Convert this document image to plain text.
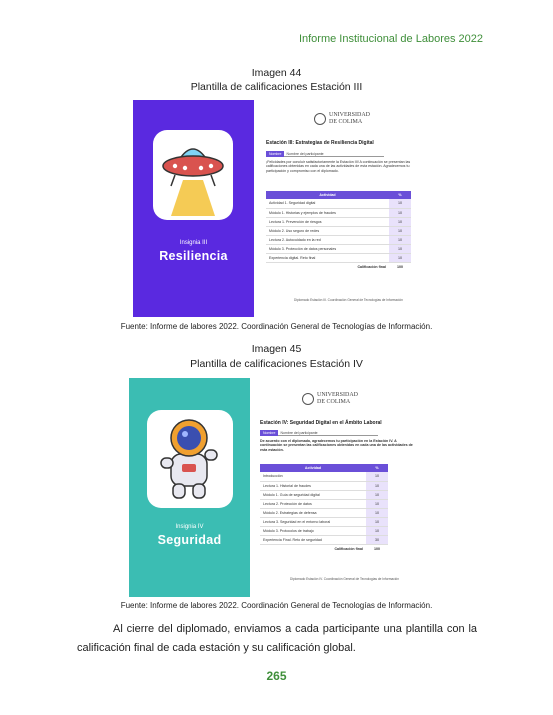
Informe Institucional de Labores 2022
Imagen 44
Plantilla de calificaciones Estación III
Insignia III
Resiliencia
UNIVERSIDAD
DE COLIMA
Estación III: Estrategias de Resiliencia Digital
Nombre	Nombre del participante
¡Felicidades por concluir satisfactoriamente la Estación III! A continuación se presentan las calificaciones obtenidas en cada una de las actividades de esta estación. Agradecemos tu participación y compromiso con el diplomado.
Actividad	%
Actividad 1. Seguridad digital	10
Módulo 1. Historias y ejemplos de fraudes	10
Lectura 1. Prevención de riesgos	10
Módulo 2. Uso seguro de redes	10
Lectura 2. Autocuidado en la red	10
Módulo 3. Protección de datos personales	10
Experiencia digital. Reto final	10
Calificación final	100
Diplomado Estación III. Coordinación General de Tecnologías de Información
Fuente: Informe de labores 2022. Coordinación General de Tecnologías de Información.
Imagen 45
Plantilla de calificaciones Estación IV
Insignia IV
Seguridad
UNIVERSIDAD
DE COLIMA
Estación IV: Seguridad Digital en el Ámbito Laboral
Nombre	Nombre del participante
De acuerdo con el diplomado, agradecemos tu participación en la Estación IV. A continuación se presentan las calificaciones obtenidas en cada una de las actividades de esta estación.
Actividad	%
Introducción	10
Lectura 1. Historial de fraudes	10
Módulo 1. Guía de seguridad digital	10
Lectura 2. Protección de datos	10
Módulo 2. Estrategias de defensa	10
Lectura 3. Seguridad en el entorno laboral	10
Módulo 3. Protocolos de trabajo	10
Experiencia Final. Reto de seguridad	30
Calificación final	100
Diplomado Estación IV. Coordinación General de Tecnologías de Información
Fuente: Informe de labores 2022. Coordinación General de Tecnologías de Información.
Al cierre del diplomado, enviamos a cada participante una plantilla con la calificación final de cada estación y su calificación global.
265
